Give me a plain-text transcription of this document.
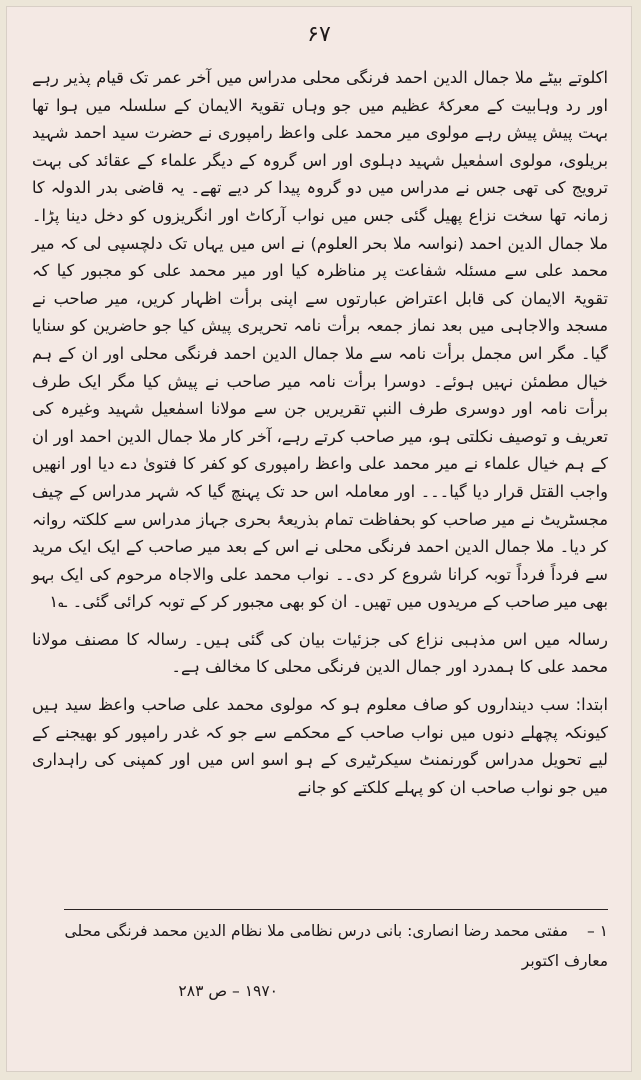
۶۷

اکلوتے بیٹے ملا جمال الدین احمد فرنگی محلی مدراس میں آخر عمر تک قیام پذیر رہے اور رد وہابیت کے معرکۂ عظیم میں جو وہاں تقویۃ الایمان کے سلسلہ میں ہوا تھا بہت پیش پیش رہے مولوی میر محمد علی واعظ رامپوری نے حضرت سید احمد شہید بریلوی، مولوی اسمٰعیل شہید دہلوی اور اس گروہ کے دیگر علماء کے عقائد کی بہت ترویج کی تھی جس نے مدراس میں دو گروہ پیدا کر دیے تھے۔ یہ قاضی بدر الدولہ کا زمانہ تھا سخت نزاع پھیل گئی جس میں نواب آرکاٹ اور انگریزوں کو دخل دینا پڑا۔ ملا جمال الدین احمد (نواسہ ملا بحر العلوم) نے اس میں یہاں تک دلچسپی لی کہ میر محمد علی سے مسئلہ شفاعت پر مناظرہ کیا اور میر محمد علی کو مجبور کیا کہ تقویۃ الایمان کی قابل اعتراض عبارتوں سے اپنی برأت اظہار کریں، میر صاحب نے مسجد والاجاہی میں بعد نماز جمعہ برأت نامہ تحریری پیش کیا جو حاضرین کو سنایا گیا۔ مگر اس مجمل برأت نامہ سے ملا جمال الدین احمد فرنگی محلی اور ان کے ہم خیال مطمئن نہیں ہوئے۔ دوسرا برأت نامہ میر صاحب نے پیش کیا مگر ایک طرف برأت نامہ اور دوسری طرف النبیٖ تقریریں جن سے مولانا اسمٰعیل شہید وغیرہ کی تعریف و توصیف نکلتی ہو، میر صاحب کرتے رہے، آخر کار ملا جمال الدین احمد اور ان کے ہم خیال علماء نے میر محمد علی واعظ رامپوری کو کفر کا فتویٰ دے دیا اور انھیں واجب القتل قرار دیا گیا۔۔۔ اور معاملہ اس حد تک پہنچ گیا کہ شہر مدراس کے چیف مجسٹریٹ نے میر صاحب کو بحفاظت تمام بذریعۂ بحری جہاز مدراس سے کلکتہ روانہ کر دیا۔ ملا جمال الدین احمد فرنگی محلی نے اس کے بعد میر صاحب کے ایک ایک مرید سے فرداً فرداً توبہ کرانا شروع کر دی۔۔ نواب محمد علی والاجاہ مرحوم کی ایک بہو بھی میر صاحب کے مریدوں میں تھیں۔ ان کو بھی مجبور کر کے توبہ کرائی گئی۔ ؎۱

رسالہ میں اس مذہبی نزاع کی جزئیات بیان کی گئی ہیں۔ رسالہ کا مصنف مولانا محمد علی کا ہمدرد اور جمال الدین فرنگی محلی کا مخالف ہے۔

ابتدا: سب دینداروں کو صاف معلوم ہو کہ مولوی محمد علی صاحب واعظ سید ہیں کیونکہ پچھلے دنوں میں نواب صاحب کے محکمے سے جو کہ غدر رامپور کو بھیجنے کے لیے تحویل مدراس گورنمنٹ سیکرٹیری کے ہو اسو اس میں اور کمپنی کی راہداری میں جو نواب صاحب ان کو پہلے کلکتے کو جانے

۱ – مفتی محمد رضا انصاری: بانی درس نظامی ملا نظام الدین محمد فرنگی محلی معارف اکتوبر
۱۹۷۰ – ص ۲۸۳
